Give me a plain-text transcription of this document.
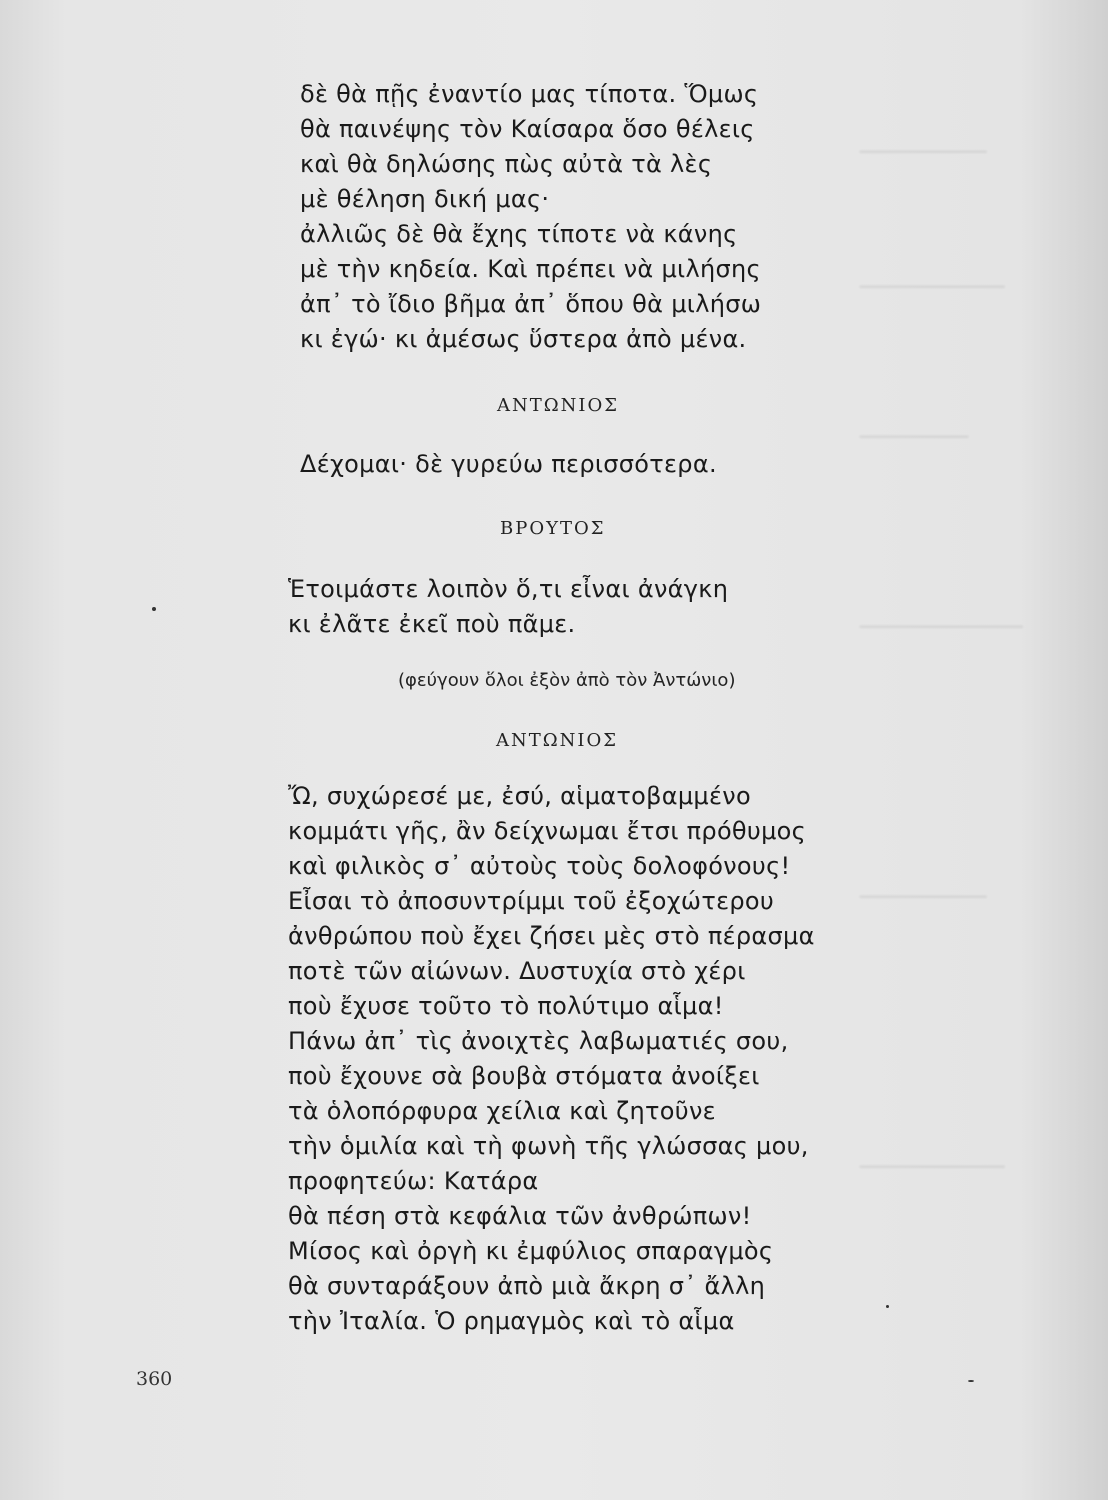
───────
────────
──────
─────────
───────
────────
δὲ θὰ πῇς ἐναντίο μας τίποτα. Ὅμως
θὰ παινέψης τὸν Καίσαρα ὅσο θέλεις
καὶ θὰ δηλώσης πὼς αὐτὰ τὰ λὲς
μὲ θέληση δική μας·
ἀλλιῶς δὲ θὰ ἔχης τίποτε νὰ κάνης
μὲ τὴν κηδεία. Καὶ πρέπει νὰ μιλήσης
ἀπ᾽ τὸ ἴδιο βῆμα ἀπ᾽ ὅπου θὰ μιλήσω
κι ἐγώ· κι ἀμέσως ὕστερα ἀπὸ μένα.
ΑΝΤΩΝΙΟΣ
Δέχομαι· δὲ γυρεύω περισσότερα.
ΒΡΟΥΤΟΣ
Ἑτοιμάστε λοιπὸν ὅ,τι εἶναι ἀνάγκη
κι ἐλᾶτε ἐκεῖ ποὺ πᾶμε.
(φεύγουν ὅλοι ἐξὸν ἀπὸ τὸν Ἀντώνιο)
ΑΝΤΩΝΙΟΣ
Ὤ, συχώρεσέ με, ἐσύ, αἱματοβαμμένο
κομμάτι γῆς, ἂν δείχνωμαι ἔτσι πρόθυμος
καὶ φιλικὸς σ᾽ αὐτοὺς τοὺς δολοφόνους!
Εἶσαι τὸ ἀποσυντρίμμι τοῦ ἐξοχώτερου
ἀνθρώπου ποὺ ἔχει ζήσει μὲς στὸ πέρασμα
ποτὲ τῶν αἰώνων. Δυστυχία στὸ χέρι
ποὺ ἔχυσε τοῦτο τὸ πολύτιμο αἷμα!
Πάνω ἀπ᾽ τὶς ἀνοιχτὲς λαβωματιές σου,
ποὺ ἔχουνε σὰ βουβὰ στόματα ἀνοίξει
τὰ ὁλοπόρφυρα χείλια καὶ ζητοῦνε
τὴν ὁμιλία καὶ τὴ φωνὴ τῆς γλώσσας μου,
προφητεύω: Κατάρα
θὰ πέση στὰ κεφάλια τῶν ἀνθρώπων!
Μίσος καὶ ὀργὴ κι ἐμφύλιος σπαραγμὸς
θὰ συνταράξουν ἀπὸ μιὰ ἄκρη σ᾽ ἄλλη
τὴν Ἰταλία. Ὁ ρημαγμὸς καὶ τὸ αἷμα
360
